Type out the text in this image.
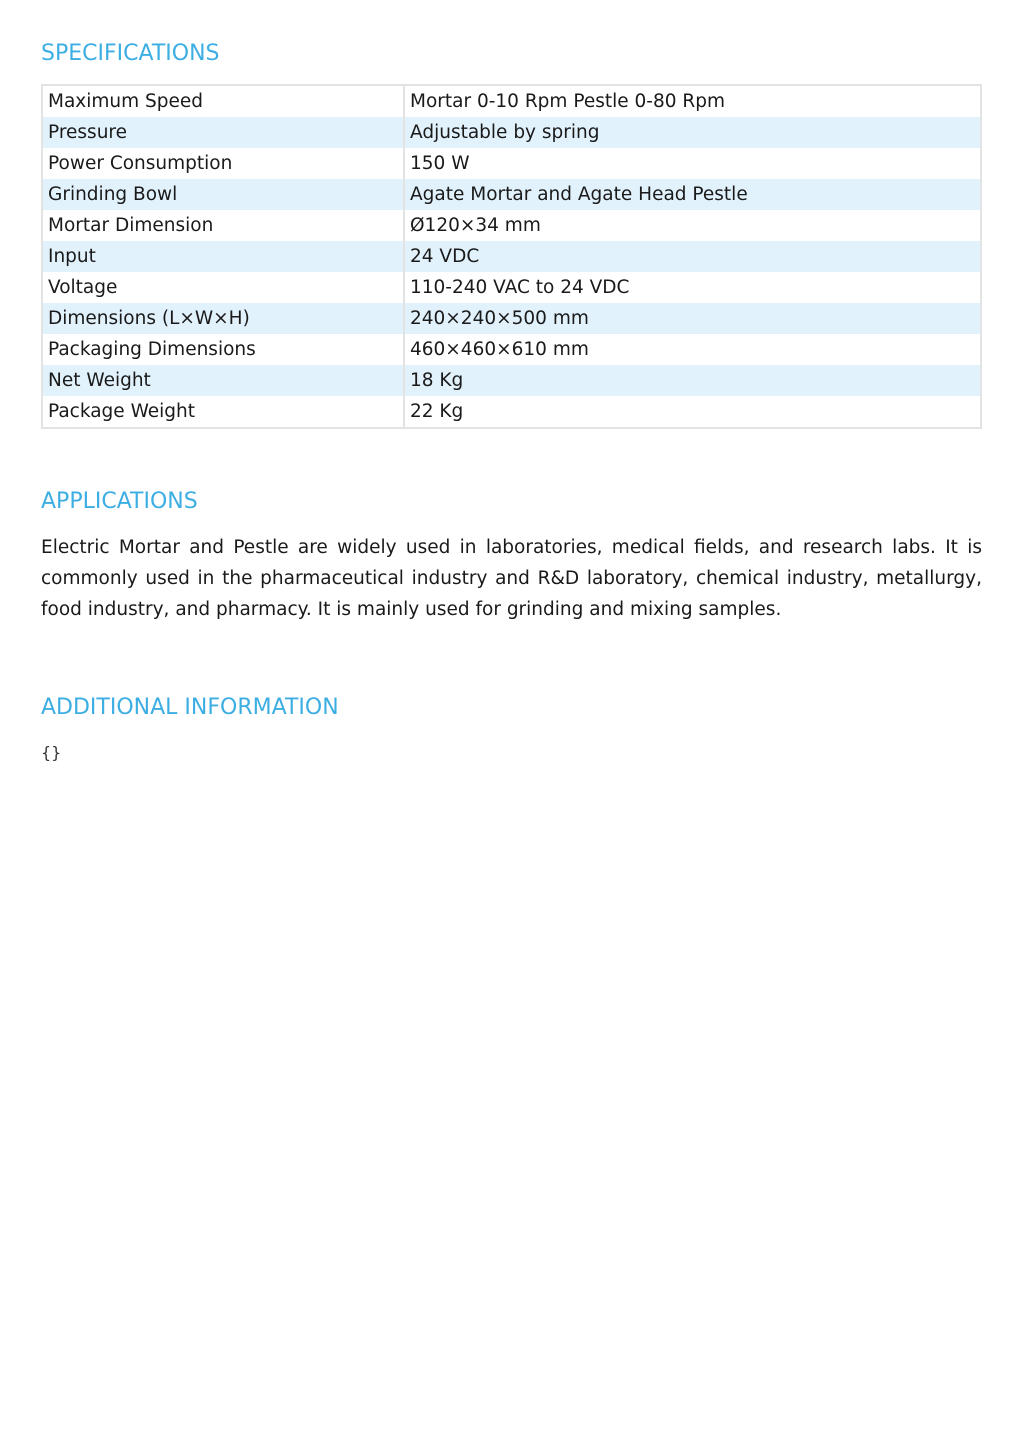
SPECIFICATIONS
Maximum Speed	Mortar 0-10 Rpm Pestle 0-80 Rpm
Pressure	Adjustable by spring
Power Consumption	150 W
Grinding Bowl	Agate Mortar and Agate Head Pestle
Mortar Dimension	Ø120×34 mm
Input	24 VDC
Voltage	110-240 VAC to 24 VDC
Dimensions (L×W×H)	240×240×500 mm
Packaging Dimensions	460×460×610 mm
Net Weight	18 Kg
Package Weight	22 Kg
APPLICATIONS

Electric Mortar and Pestle are widely used in laboratories, medical fields, and research labs. It is commonly used in the pharmaceutical industry and R&D laboratory, chemical industry, metallurgy, food industry, and pharmacy. It is mainly used for grinding and mixing samples.

ADDITIONAL INFORMATION

{}
